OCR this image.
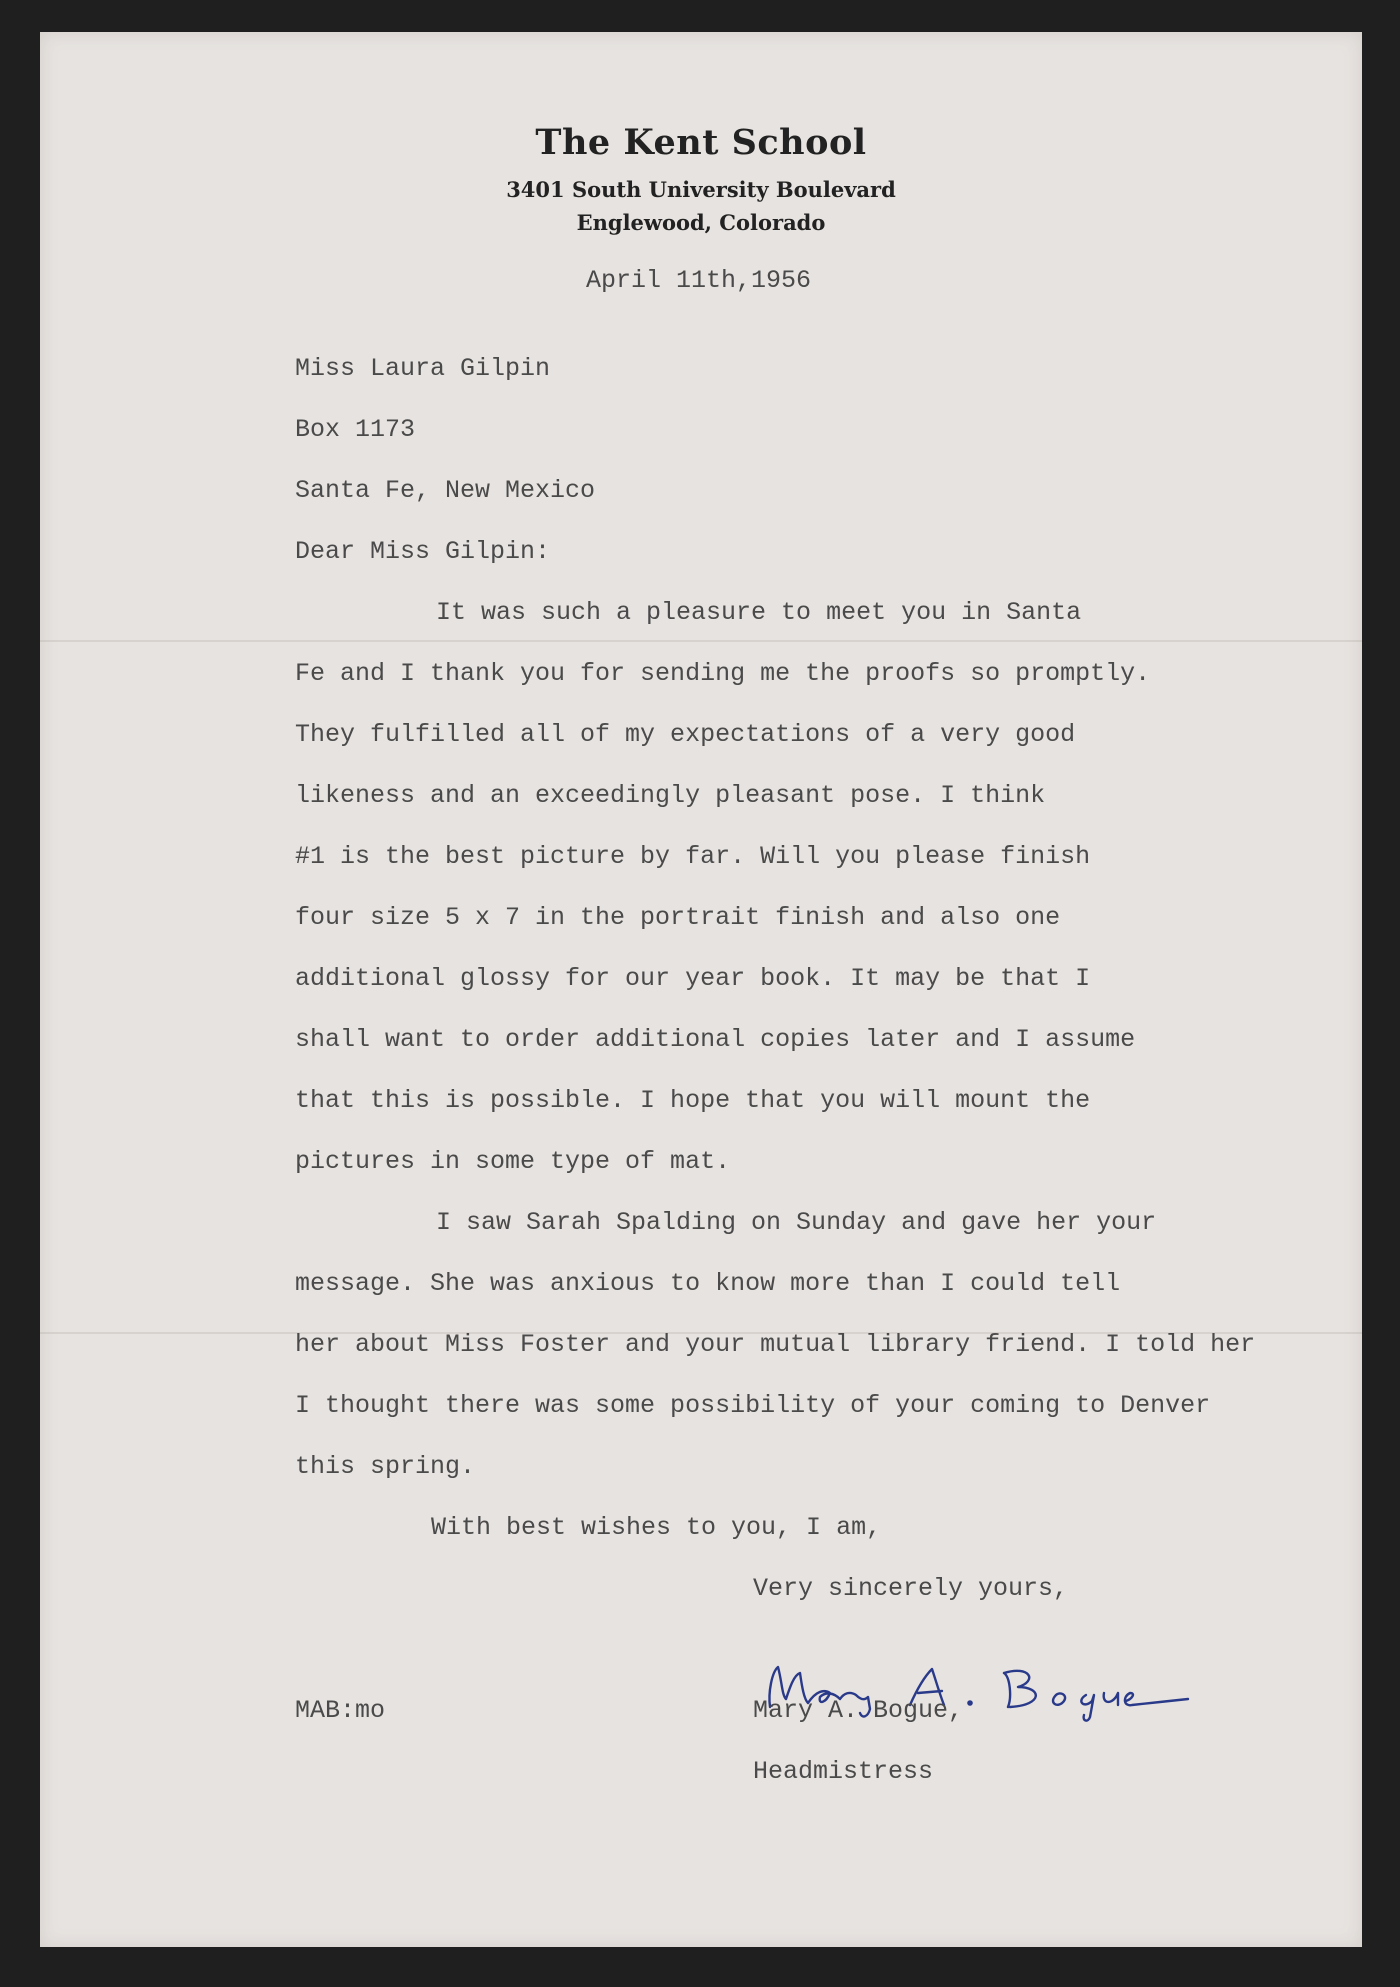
The Kent School
3401 South University Boulevard
Englewood, Colorado
April 11th,1956
Miss Laura Gilpin
Box 1173
Santa Fe, New Mexico
Dear Miss Gilpin:
It was such a pleasure to meet you in Santa
Fe and I thank you for sending me the proofs so promptly.
They fulfilled all of my expectations of a very good
likeness and an exceedingly pleasant pose. I think
#1 is the best picture by far. Will you please finish
four size 5 x 7 in the portrait finish and also one
additional glossy for our year book. It may be that I
shall want to order additional copies later and I assume
that this is possible. I hope that you will mount the
pictures in some type of mat.
I saw Sarah Spalding on Sunday and gave her your
message. She was anxious to know more than I could tell
her about Miss Foster and your mutual library friend. I told her
I thought there was some possibility of your coming to Denver
this spring.
With best wishes to you, I am,
Very sincerely yours,
MAB:mo	Mary A. Bogue,
Headmistress
